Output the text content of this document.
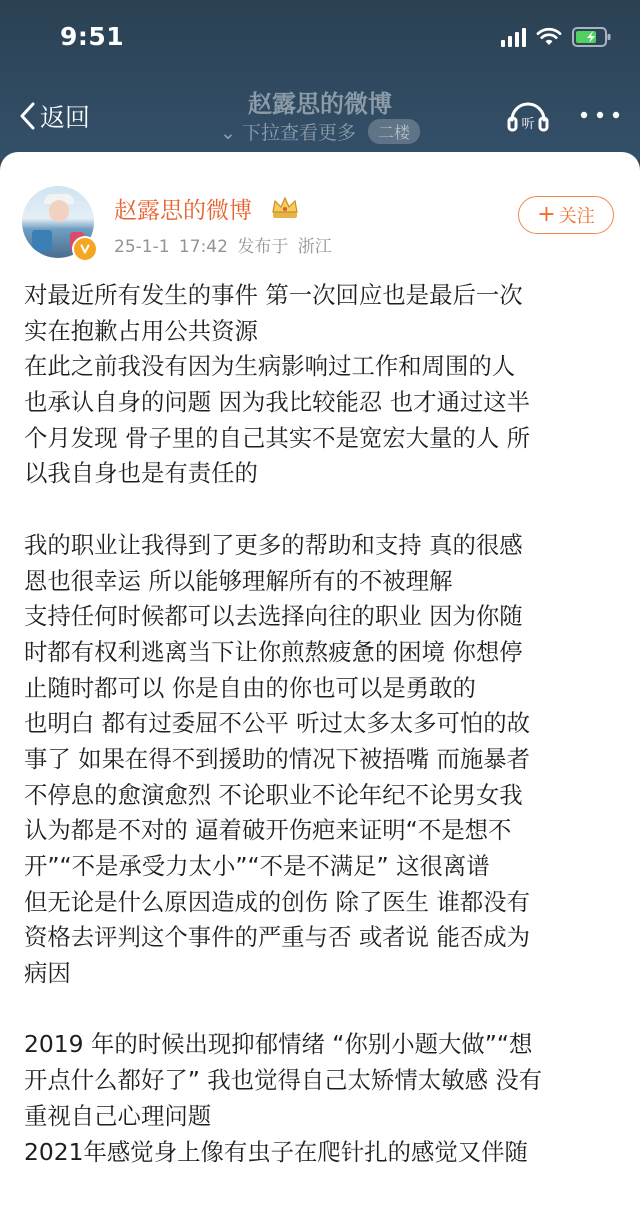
9:51
返回	赵露思的微博
⌄ 下拉查看更多 二楼	听
赵露思的微博
25-1-1 17:42 发布于 浙江
+ 关注
对最近所有发生的事件 第一次回应也是最后一次
实在抱歉占用公共资源
在此之前我没有因为生病影响过工作和周围的人
也承认自身的问题 因为我比较能忍 也才通过这半
个月发现 骨子里的自己其实不是宽宏大量的人 所
以我自身也是有责任的
我的职业让我得到了更多的帮助和支持 真的很感
恩也很幸运 所以能够理解所有的不被理解
支持任何时候都可以去选择向往的职业 因为你随
时都有权利逃离当下让你煎熬疲惫的困境 你想停
止随时都可以 你是自由的你也可以是勇敢的
也明白 都有过委屈不公平 听过太多太多可怕的故
事了 如果在得不到援助的情况下被捂嘴 而施暴者
不停息的愈演愈烈 不论职业不论年纪不论男女我
认为都是不对的 逼着破开伤疤来证明“不是想不
开”“不是承受力太小”“不是不满足” 这很离谱
但无论是什么原因造成的创伤 除了医生 谁都没有
资格去评判这个事件的严重与否 或者说 能否成为
病因
2019 年的时候出现抑郁情绪 “你别小题大做”“想
开点什么都好了” 我也觉得自己太矫情太敏感 没有
重视自己心理问题
2021年感觉身上像有虫子在爬针扎的感觉又伴随
